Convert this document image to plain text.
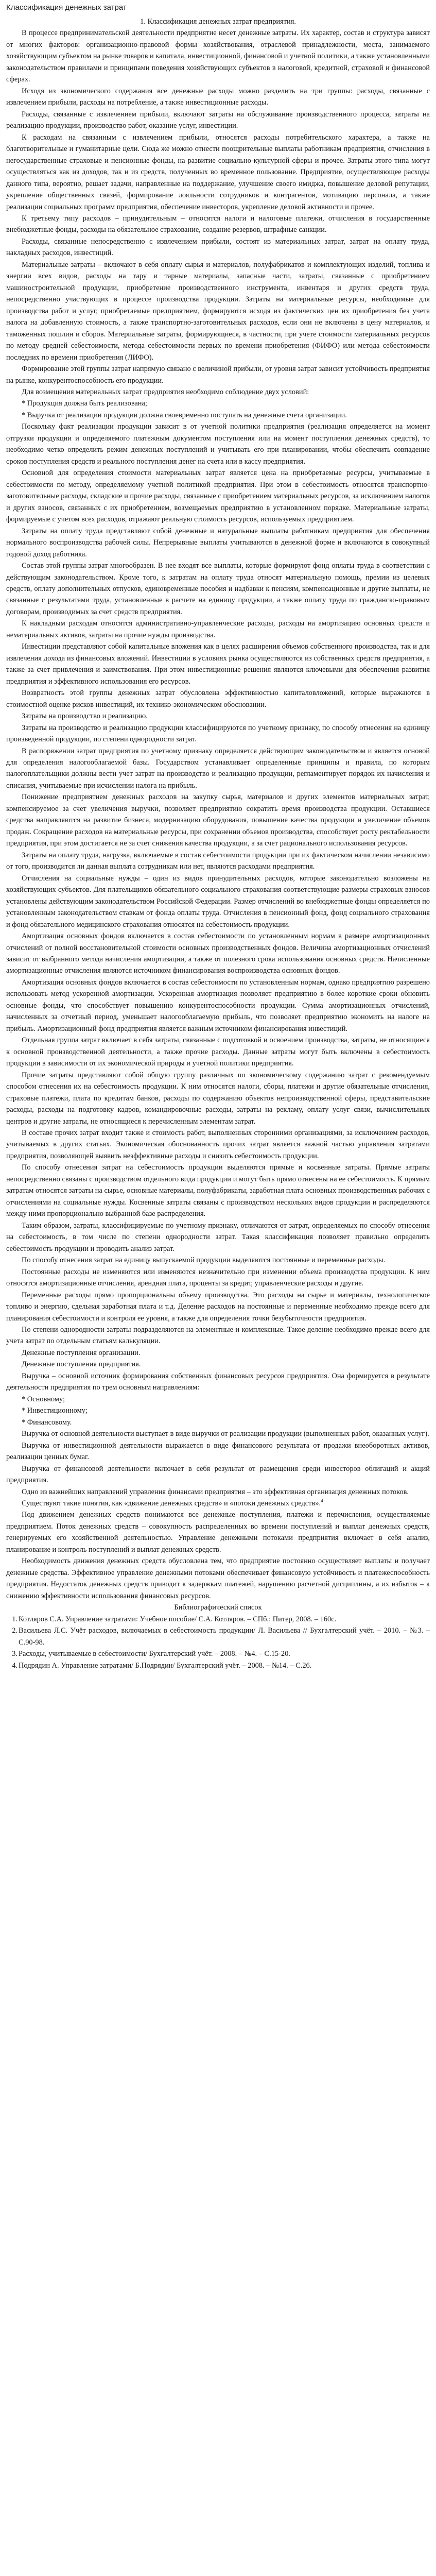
Классификация денежных затрат

1. Классификация денежных затрат предприятия.

В процессе предпринимательской деятельности предприятие несет денежные затраты. Их характер, состав и структура зависят от многих факторов: организационно-правовой формы хозяйствования, отраслевой принадлежности, места, занимаемого хозяйствующим субъектом на рынке товаров и капитала, инвестиционной, финансовой и учетной политики, а также установленными законодательством правилами и принципами поведения хозяйствующих субъектов в налоговой, кредитной, страховой и финансовой сферах.

Исходя из экономического содержания все денежные расходы можно разделить на три группы: расходы, связанные с извлечением прибыли, расходы на потребление, а также инвестиционные расходы.

Расходы, связанные с извлечением прибыли, включают затраты на обслуживание производственного процесса, затраты на реализацию продукции, производство работ, оказание услуг, инвестиции.

К расходам на связанным с извлечением прибыли, относятся расходы потребительского характера, а также на благотворительные и гуманитарные цели. Сюда же можно отнести поощрительные выплаты работникам предприятия, отчисления в негосударственные страховые и пенсионные фонды, на развитие социально-культурной сферы и прочее. Затраты этого типа могут осуществляться как из доходов, так и из средств, полученных во временное пользование. Предприятие, осуществляющее расходы данного типа, вероятно, решает задачи, направленные на поддержание, улучшение своего имиджа, повышение деловой репутации, укрепление общественных связей, формирование лояльности сотрудников и контрагентов, мотивацию персонала, а также реализации социальных программ предприятия, обеспечение инвесторов, укрепление деловой активности и прочее.

К третьему типу расходов – принудительным – относятся налоги и налоговые платежи, отчисления в государственные внебюджетные фонды, расходы на обязательное страхование, создание резервов, штрафные санкции.

Расходы, связанные непосредственно с извлечением прибыли, состоят из материальных затрат, затрат на оплату труда, накладных расходов, инвестиций.

Материальные затраты – включают в себя оплату сырья и материалов, полуфабрикатов и комплектующих изделий, топлива и энергии всех видов, расходы на тару и тарные материалы, запасные части, затраты, связанные с приобретением машиностроительной продукции, приобретение производственного инструмента, инвентаря и других средств труда, непосредственно участвующих в процессе производства продукции. Затраты на материальные ресурсы, необходимые для производства работ и услуг, приобретаемые предприятием, формируются исходя из фактических цен их приобретения без учета налога на добавленную стоимость, а также транспортно-заготовительных расходов, если они не включены в цену материалов, и таможенных пошлин и сборов. Материальные затраты, формирующиеся, в частности, при учете стоимости материальных ресурсов по методу средней себестоимости, метода себестоимости первых по времени приобретения (ФИФО) или метода себестоимости последних по времени приобретения (ЛИФО).

Формирование этой группы затрат напрямую связано с величиной прибыли, от уровня затрат зависит устойчивость предприятия на рынке, конкурентоспособность его продукции.

Для возмещения материальных затрат предприятия необходимо соблюдение двух условий:

* Продукция должна быть реализована;

* Выручка от реализации продукции должна своевременно поступать на денежные счета организации.

Поскольку факт реализации продукции зависит в от учетной политики предприятия (реализация определяется на момент отгрузки продукции и определяемого платежным документом поступления или на момент поступления денежных средств), то необходимо четко определить режим денежных поступлений и учитывать его при планировании, чтобы обеспечить совпадение сроков поступления средств и реального поступления денег на счета или в кассу предприятия.

Основной для определения стоимости материальных затрат является цена на приобретаемые ресурсы, учитываемые в себестоимости по методу, определяемому учетной политикой предприятия. При этом в себестоимость относятся транспортно-заготовительные расходы, складские и прочие расходы, связанные с приобретением материальных ресурсов, за исключением налогов и других взносов, связанных с их приобретением, возмещаемых предприятию в установленном порядке. Материальные затраты, формируемые с учетом всех расходов, отражают реальную стоимость ресурсов, используемых предприятием.

Затраты на оплату труда представляют собой денежные и натуральные выплаты работникам предприятия для обеспечения нормального воспроизводства рабочей силы. Непрерывные выплаты учитываются в денежной форме и включаются в совокупный годовой доход работника.

Состав этой группы затрат многообразен. В нее входят все выплаты, которые формируют фонд оплаты труда в соответствии с действующим законодательством. Кроме того, к затратам на оплату труда относят материальную помощь, премии из целевых средств, оплату дополнительных отпусков, единовременные пособия и надбавки к пенсиям, компенсационные и другие выплаты, не связанные с результатами труда, установленные в расчете на единицу продукции, а также оплату труда по гражданско-правовым договорам, производимых за счет средств предприятия.

К накладным расходам относятся административно-управленческие расходы, расходы на амортизацию основных средств и нематериальных активов, затраты на прочие нужды производства.

Инвестиции представляют собой капитальные вложения как в целях расширения объемов собственного производства, так и для извлечения дохода из финансовых вложений. Инвестиции в условиях рынка осуществляются из собственных средств предприятия, а также за счет привлечения и заимствования. При этом инвестиционные решения являются ключевыми для обеспечения развития предприятия и эффективного использования его ресурсов.

Возвратность этой группы денежных затрат обусловлена эффективностью капиталовложений, которые выражаются в стоимостной оценке рисков инвестиций, их технико-экономическом обосновании.

Затраты на производство и реализацию.

Затраты на производство и реализацию продукции классифицируются по учетному признаку, по способу отнесения на единицу произведенной продукции, по степени однородности затрат.

В распоряжении затрат предприятия по учетному признаку определяется действующим законодательством и является основой для определения налогооблагаемой базы. Государством устанавливает определенные принципы и правила, по которым налогоплательщики должны вести учет затрат на производство и реализацию продукции, регламентирует порядок их начисления и списания, учитываемые при исчислении налога на прибыль.

Понижение предприятием денежных расходов на закупку сырья, материалов и других элементов материальных затрат, компенсируемое за счет увеличения выручки, позволяет предприятию сократить время производства продукции. Оставшиеся средства направляются на развитие бизнеса, модернизацию оборудования, повышение качества продукции и увеличение объемов продаж. Сокращение расходов на материальные ресурсы, при сохранении объемов производства, способствует росту рентабельности предприятия, при этом достигается не за счет снижения качества продукции, а за счет рационального использования ресурсов.

Затраты на оплату труда, нагрузка, включаемые в состав себестоимости продукции при их фактическом начислении независимо от того, производится ли данная выплата сотрудникам или нет, являются расходами предприятия.

Отчисления на социальные нужды – один из видов принудительных расходов, которые законодательно возложены на хозяйствующих субъектов. Для плательщиков обязательного социального страхования соответствующие размеры страховых взносов установлены действующим законодательством Российской Федерации. Размер отчислений во внебюджетные фонды определяется по установленным законодательством ставкам от фонда оплаты труда. Отчисления в пенсионный фонд, фонд социального страхования и фонд обязательного медицинского страхования относятся на себестоимость продукции.

Амортизация основных фондов включается в состав себестоимости по установленным нормам в размере амортизационных отчислений от полной восстановительной стоимости основных производственных фондов. Величина амортизационных отчислений зависит от выбранного метода начисления амортизации, а также от полезного срока использования основных средств. Начисленные амортизационные отчисления являются источником финансирования воспроизводства основных фондов.

Амортизация основных фондов включается в состав себестоимости по установленным нормам, однако предприятию разрешено использовать метод ускоренной амортизации. Ускоренная амортизация позволяет предприятию в более короткие сроки обновить основные фонды, что способствует повышению конкурентоспособности продукции. Сумма амортизационных отчислений, начисленных за отчетный период, уменьшает налогооблагаемую прибыль, что позволяет предприятию экономить на налоге на прибыль. Амортизационный фонд предприятия является важным источником финансирования инвестиций.

Отдельная группа затрат включает в себя затраты, связанные с подготовкой и освоением производства, затраты, не относящиеся к основной производственной деятельности, а также прочие расходы. Данные затраты могут быть включены в себестоимость продукции в зависимости от их экономической природы и учетной политики предприятия.

Прочие затраты представляют собой общую группу различных по экономическому содержанию затрат с рекомендуемым способом отнесения их на себестоимость продукции. К ним относятся налоги, сборы, платежи и другие обязательные отчисления, страховые платежи, плата по кредитам банков, расходы по содержанию объектов непроизводственной сферы, представительские расходы, расходы на подготовку кадров, командировочные расходы, затраты на рекламу, оплату услуг связи, вычислительных центров и другие затраты, не относящиеся к перечисленным элементам затрат.

В составе прочих затрат входит также и стоимость работ, выполненных сторонними организациями, за исключением расходов, учитываемых в других статьях. Экономическая обоснованность прочих затрат является важной частью управления затратами предприятия, позволяющей выявить неэффективные расходы и снизить себестоимость продукции.

По способу отнесения затрат на себестоимость продукции выделяются прямые и косвенные затраты. Прямые затраты непосредственно связаны с производством отдельного вида продукции и могут быть прямо отнесены на ее себестоимость. К прямым затратам относятся затраты на сырье, основные материалы, полуфабрикаты, заработная плата основных производственных рабочих с отчислениями на социальные нужды. Косвенные затраты связаны с производством нескольких видов продукции и распределяются между ними пропорционально выбранной базе распределения.

Таким образом, затраты, классифицируемые по учетному признаку, отличаются от затрат, определяемых по способу отнесения на себестоимость, в том числе по степени однородности затрат. Такая классификация позволяет правильно определить себестоимость продукции и проводить анализ затрат.

По способу отнесения затрат на единицу выпускаемой продукции выделяются постоянные и переменные расходы.

Постоянные расходы не изменяются или изменяются незначительно при изменении объема производства продукции. К ним относятся амортизационные отчисления, арендная плата, проценты за кредит, управленческие расходы и другие.

Переменные расходы прямо пропорциональны объему производства. Это расходы на сырье и материалы, технологическое топливо и энергию, сдельная заработная плата и т.д. Деление расходов на постоянные и переменные необходимо прежде всего для планирования себестоимости и контроля ее уровня, а также для определения точки безубыточности предприятия.

По степени однородности затраты подразделяются на элементные и комплексные. Такое деление необходимо прежде всего для учета затрат по отдельным статьям калькуляции.

Денежные поступления организации.

Денежные поступления предприятия.

Выручка – основной источник формирования собственных финансовых ресурсов предприятия. Она формируется в результате деятельности предприятия по трем основным направлениям:

* Основному;

* Инвестиционному;

* Финансовому.

Выручка от основной деятельности выступает в виде выручки от реализации продукции (выполненных работ, оказанных услуг).

Выручка от инвестиционной деятельности выражается в виде финансового результата от продажи внеоборотных активов, реализации ценных бумаг.

Выручка от финансовой деятельности включает в себя результат от размещения среди инвесторов облигаций и акций предприятия.

Одно из важнейших направлений управления финансами предприятия – это эффективная организация денежных потоков.

Существуют такие понятия, как «движение денежных средств» и «потоки денежных средств».$^4$

Под движением денежных средств понимаются все денежные поступления, платежи и перечисления, осуществляемые предприятием. Поток денежных средств – совокупность распределенных во времени поступлений и выплат денежных средств, генерируемых его хозяйственной деятельностью. Управление денежными потоками предприятия включает в себя анализ, планирование и контроль поступлений и выплат денежных средств.

Необходимость движения денежных средств обусловлена тем, что предприятие постоянно осуществляет выплаты и получает денежные средства. Эффективное управление денежными потоками обеспечивает финансовую устойчивость и платежеспособность предприятия. Недостаток денежных средств приводит к задержкам платежей, нарушению расчетной дисциплины, а их избыток – к снижению эффективности использования финансовых ресурсов.

Библиографический список

1. Котляров С.А. Управление затратами: Учебное пособие/ С.А. Котляров. – СПб.: Питер, 2008. – 160с.

2. Васильева Л.С. Учёт расходов, включаемых в себестоимость продукции/ Л. Васильева // Бухгалтерский учёт. – 2010. – №3. – С.90-98.

3. Расходы, учитываемые в себестоимости/ Бухгалтерский учёт. – 2008. – №4. – С.15-20.

4. Подрядин А. Управление затратами/ Б.Подрядин/ Бухгалтерский учёт. – 2008. – №14. – С.26.
